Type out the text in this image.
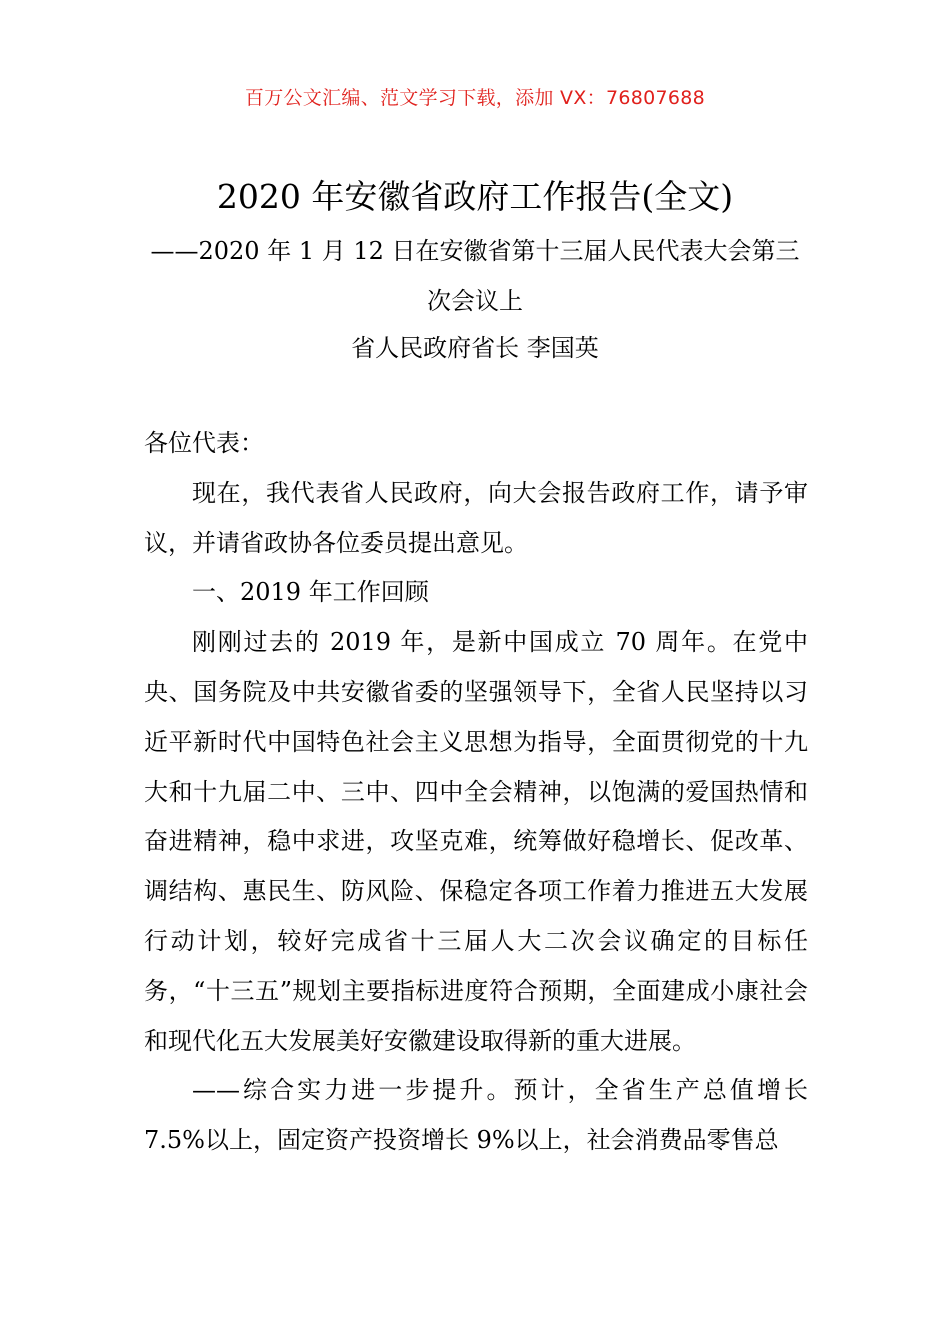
百万公文汇编、范文学习下载，添加 VX：76807688
2020 年安徽省政府工作报告(全文)
——2020 年 1 月 12 日在安徽省第十三届人民代表大会第三次会议上
省人民政府省长 李国英

各位代表：

现在，我代表省人民政府，向大会报告政府工作，请予审议，并请省政协各位委员提出意见。

一、2019 年工作回顾

刚刚过去的 2019 年，是新中国成立 70 周年。在党中央、国务院及中共安徽省委的坚强领导下，全省人民坚持以习近平新时代中国特色社会主义思想为指导，全面贯彻党的十九大和十九届二中、三中、四中全会精神，以饱满的爱国热情和奋进精神，稳中求进，攻坚克难，统筹做好稳增长、促改革、调结构、惠民生、防风险、保稳定各项工作着力推进五大发展行动计划，较好完成省十三届人大二次会议确定的目标任务，“十三五”规划主要指标进度符合预期，全面建成小康社会和现代化五大发展美好安徽建设取得新的重大进展。

——综合实力进一步提升。预计，全省生产总值增长 7.5%以上，固定资产投资增长 9%以上，社会消费品零售总
